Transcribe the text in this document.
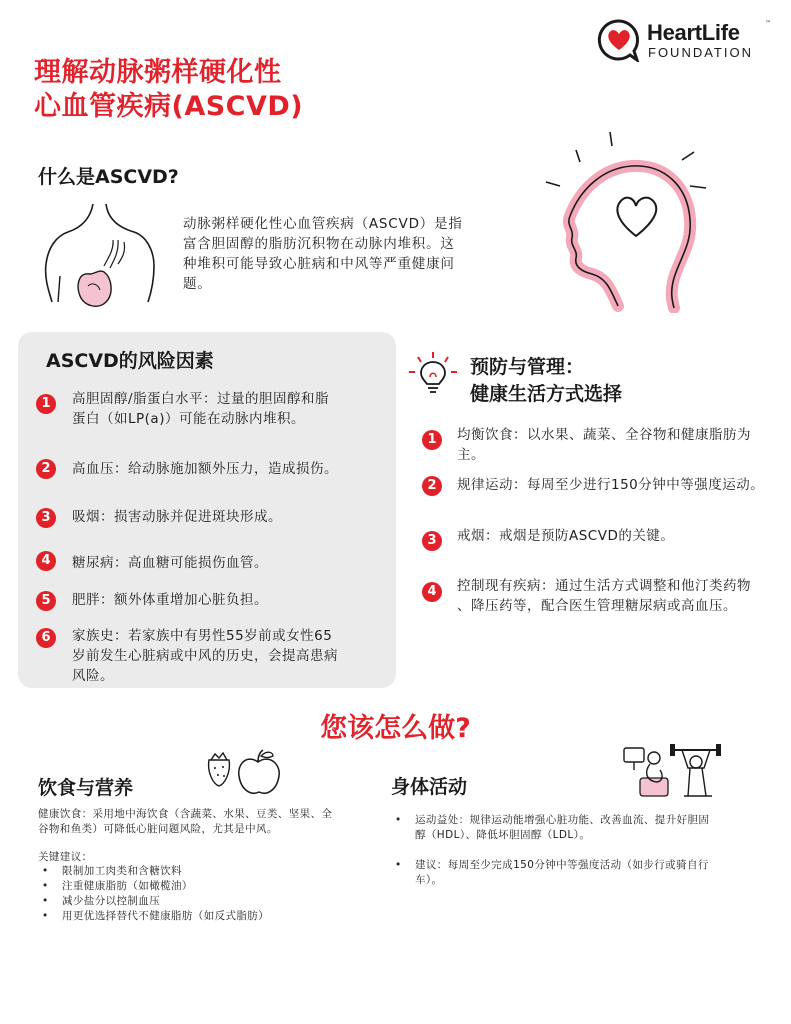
理解动脉粥样硬化性
心血管疾病(ASCVD)
HeartLife	™
FOUNDATION
什么是ASCVD?
动脉粥样硬化性心血管疾病（ASCVD）是指
富含胆固醇的脂肪沉积物在动脉内堆积。这
种堆积可能导致心脏病和中风等严重健康问
题。
ASCVD的风险因素
1	高胆固醇/脂蛋白水平：过量的胆固醇和脂
蛋白（如LP(a)）可能在动脉内堆积。
2	高血压：给动脉施加额外压力，造成损伤。
3	吸烟：损害动脉并促进斑块形成。
4	糖尿病：高血糖可能损伤血管。
5	肥胖：额外体重增加心脏负担。
6	家族史：若家族中有男性55岁前或女性65
岁前发生心脏病或中风的历史，会提高患病
风险。
预防与管理：
健康生活方式选择
1	均衡饮食：以水果、蔬菜、全谷物和健康脂肪为
主。
2	规律运动：每周至少进行150分钟中等强度运动。
3	戒烟：戒烟是预防ASCVD的关键。
4	控制现有疾病：通过生活方式调整和他汀类药物
、降压药等，配合医生管理糖尿病或高血压。
您该怎么做?
饮食与营养
健康饮食：采用地中海饮食（含蔬菜、水果、豆类、坚果、全
谷物和鱼类）可降低心脏问题风险，尤其是中风。
关键建议：
• 限制加工肉类和含糖饮料
• 注重健康脂肪（如橄榄油）
• 减少盐分以控制血压
• 用更优选择替代不健康脂肪（如反式脂肪）
身体活动
• 运动益处：规律运动能增强心脏功能、改善血流、提升好胆固
醇（HDL）、降低坏胆固醇（LDL）。
• 建议：每周至少完成150分钟中等强度活动（如步行或骑自行
车）。
